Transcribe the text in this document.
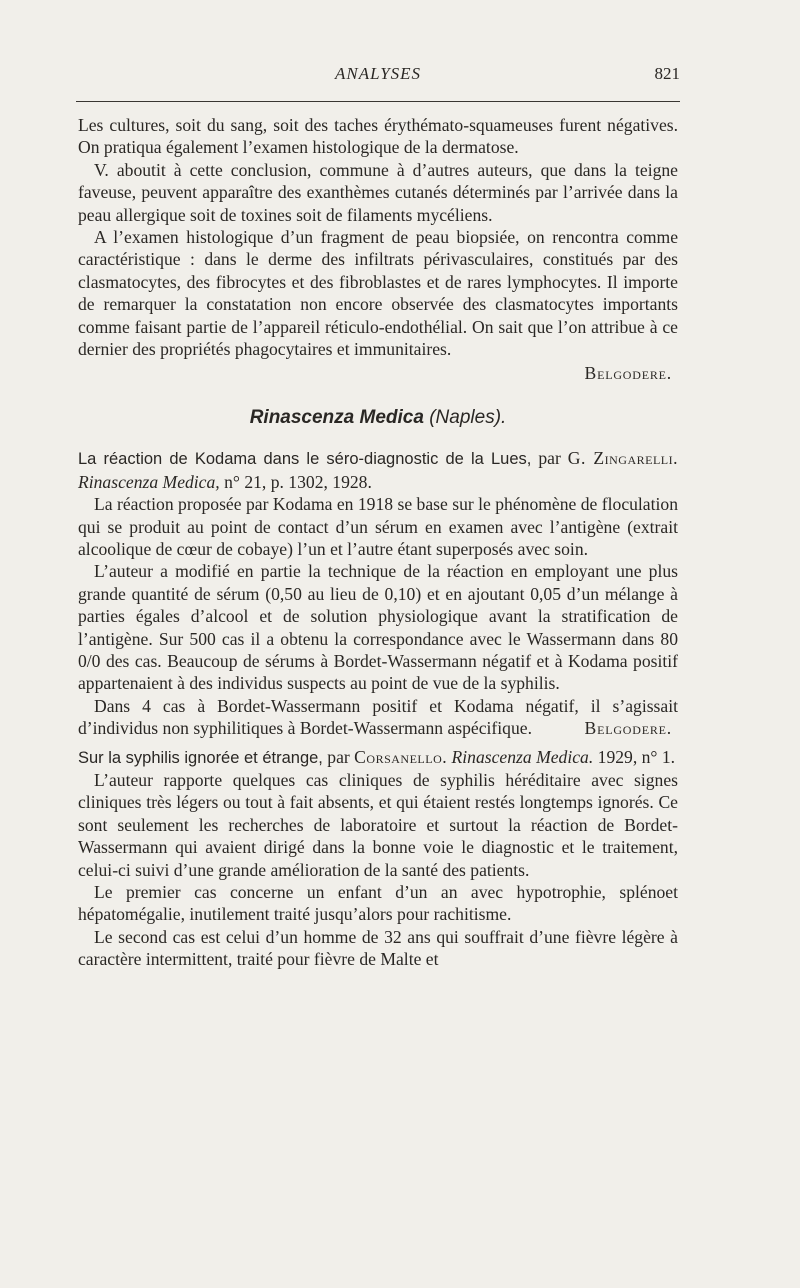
ANALYSES	821

Les cultures, soit du sang, soit des taches érythémato-squameuses furent négatives. On pratiqua également l’examen histologique de la dermatose.

V. aboutit à cette conclusion, commune à d’autres auteurs, que dans la teigne faveuse, peuvent apparaître des exanthèmes cutanés déterminés par l’arrivée dans la peau allergique soit de toxines soit de filaments mycéliens.

A l’examen histologique d’un fragment de peau biopsiée, on rencontra comme caractéristique : dans le derme des infiltrats périvasculaires, constitués par des clasmatocytes, des fibrocytes et des fibroblastes et de rares lymphocytes. Il importe de remarquer la constatation non encore observée des clasmatocytes importants comme faisant partie de l’appareil réticulo-endothélial. On sait que l’on attribue à ce dernier des propriétés phagocytaires et immunitaires.

Belgodere.

Rinascenza Medica (Naples).

La réaction de Kodama dans le séro-diagnostic de la Lues, par G. Zingarelli. Rinascenza Medica, n° 21, p. 1302, 1928.

La réaction proposée par Kodama en 1918 se base sur le phénomène de floculation qui se produit au point de contact d’un sérum en examen avec l’antigène (extrait alcoolique de cœur de cobaye) l’un et l’autre étant superposés avec soin.

L’auteur a modifié en partie la technique de la réaction en employant une plus grande quantité de sérum (0,50 au lieu de 0,10) et en ajoutant 0,05 d’un mélange à parties égales d’alcool et de solution physiologique avant la stratification de l’antigène. Sur 500 cas il a obtenu la correspondance avec le Wassermann dans 80 0/0 des cas. Beaucoup de sérums à Bordet-Wassermann négatif et à Kodama positif appartenaient à des individus suspects au point de vue de la syphilis.

Dans 4 cas à Bordet-Wassermann positif et Kodama négatif, il s’agissait d’individus non syphilitiques à Bordet-Wassermann aspécifique.	Belgodere.

Sur la syphilis ignorée et étrange, par Corsanello. Rinascenza Medica. 1929, n° 1.

L’auteur rapporte quelques cas cliniques de syphilis héréditaire avec signes cliniques très légers ou tout à fait absents, et qui étaient restés longtemps ignorés. Ce sont seulement les recherches de laboratoire et surtout la réaction de Bordet-Wassermann qui avaient dirigé dans la bonne voie le diagnostic et le traitement, celui-ci suivi d’une grande amélioration de la santé des patients.

Le premier cas concerne un enfant d’un an avec hypotrophie, splénoet hépatomégalie, inutilement traité jusqu’alors pour rachitisme.

Le second cas est celui d’un homme de 32 ans qui souffrait d’une fièvre légère à caractère intermittent, traité pour fièvre de Malte et
